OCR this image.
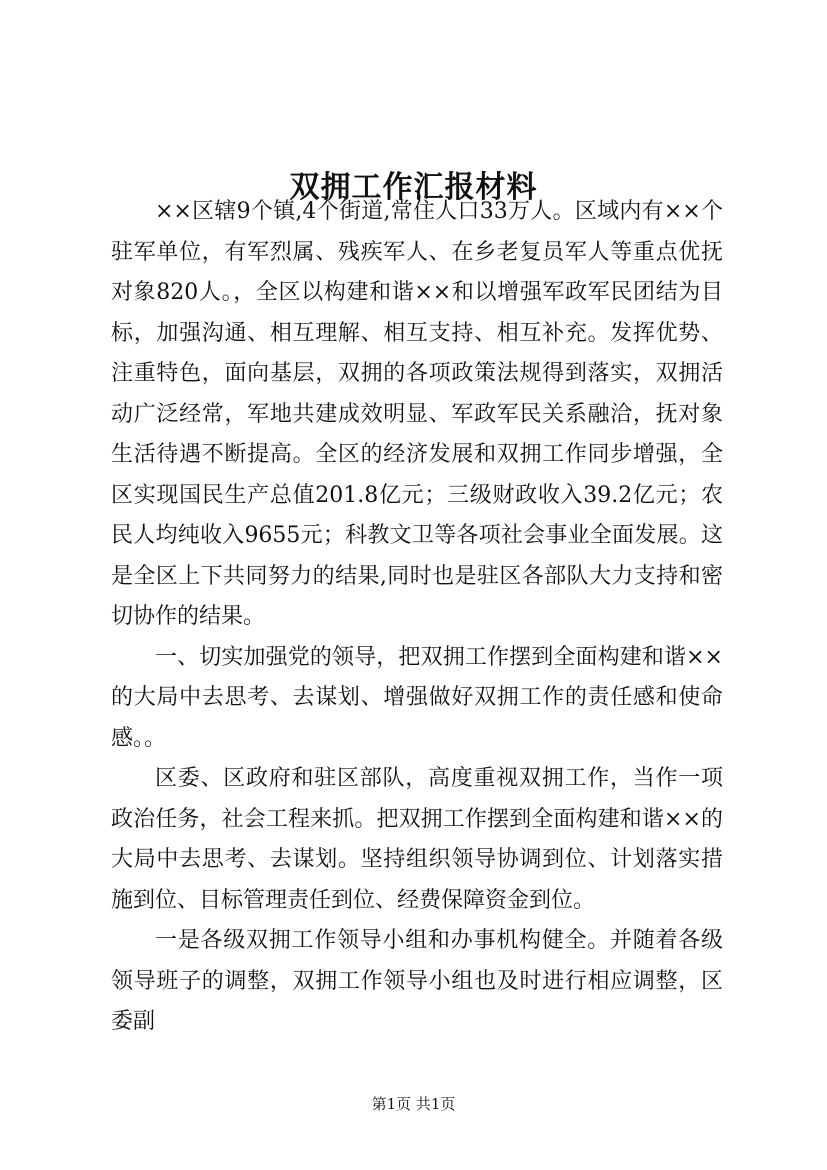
双拥工作汇报材料

××区辖9个镇,4个街道,常住人口33万人。区域内有××个驻军单位，有军烈属、残疾军人、在乡老复员军人等重点优抚对象820人。，全区以构建和谐××和以增强军政军民团结为目标，加强沟通、相互理解、相互支持、相互补充。发挥优势、注重特色，面向基层，双拥的各项政策法规得到落实，双拥活动广泛经常，军地共建成效明显、军政军民关系融洽，抚对象生活待遇不断提高。全区的经济发展和双拥工作同步增强，全区实现国民生产总值201.8亿元；三级财政收入39.2亿元；农民人均纯收入9655元；科教文卫等各项社会事业全面发展。这是全区上下共同努力的结果,同时也是驻区各部队大力支持和密切协作的结果。

一、切实加强党的领导，把双拥工作摆到全面构建和谐××的大局中去思考、去谋划、增强做好双拥工作的责任感和使命感。。

区委、区政府和驻区部队，高度重视双拥工作，当作一项政治任务，社会工程来抓。把双拥工作摆到全面构建和谐××的大局中去思考、去谋划。坚持组织领导协调到位、计划落实措施到位、目标管理责任到位、经费保障资金到位。

一是各级双拥工作领导小组和办事机构健全。并随着各级领导班子的调整，双拥工作领导小组也及时进行相应调整，区委副

第1页 共1页
